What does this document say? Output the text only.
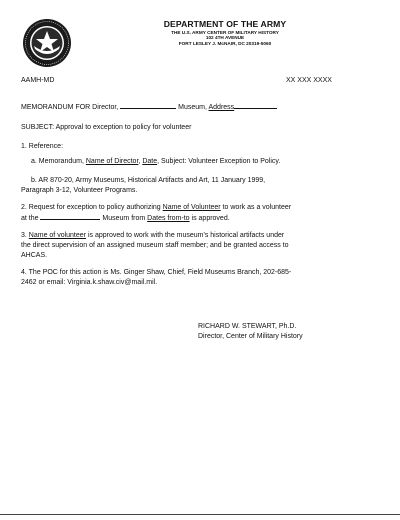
DEPARTMENT OF THE ARMY
THE U.S. ARMY CENTER OF MILITARY HISTORY
102 4TH AVENUE
FORT LESLEY J. McNAIR, DC 20319-5060
AAMH-MD	XX XXX XXXX
MEMORANDUM FOR Director,	Museum, Address
SUBJECT: Approval to exception to policy for volunteer
1. Reference:
a. Memorandum, Name of Director, Date, Subject: Volunteer Exception to Policy.
b. AR 870-20, Army Museums, Historical Artifacts and Art, 11 January 1999,
Paragraph 3-12, Volunteer Programs.
2. Request for exception to policy authorizing Name of Volunteer to work as a volunteer
at the	Museum from Dates from-to is approved.
3. Name of volunteer is approved to work with the museum's historical artifacts under
the direct supervision of an assigned museum staff member; and be granted access to
AHCAS.
4. The POC for this action is Ms. Ginger Shaw, Chief, Field Museums Branch, 202-685-
2462 or email: Virginia.k.shaw.civ@mail.mil.
RICHARD W. STEWART, Ph.D.
Director, Center of Military History
